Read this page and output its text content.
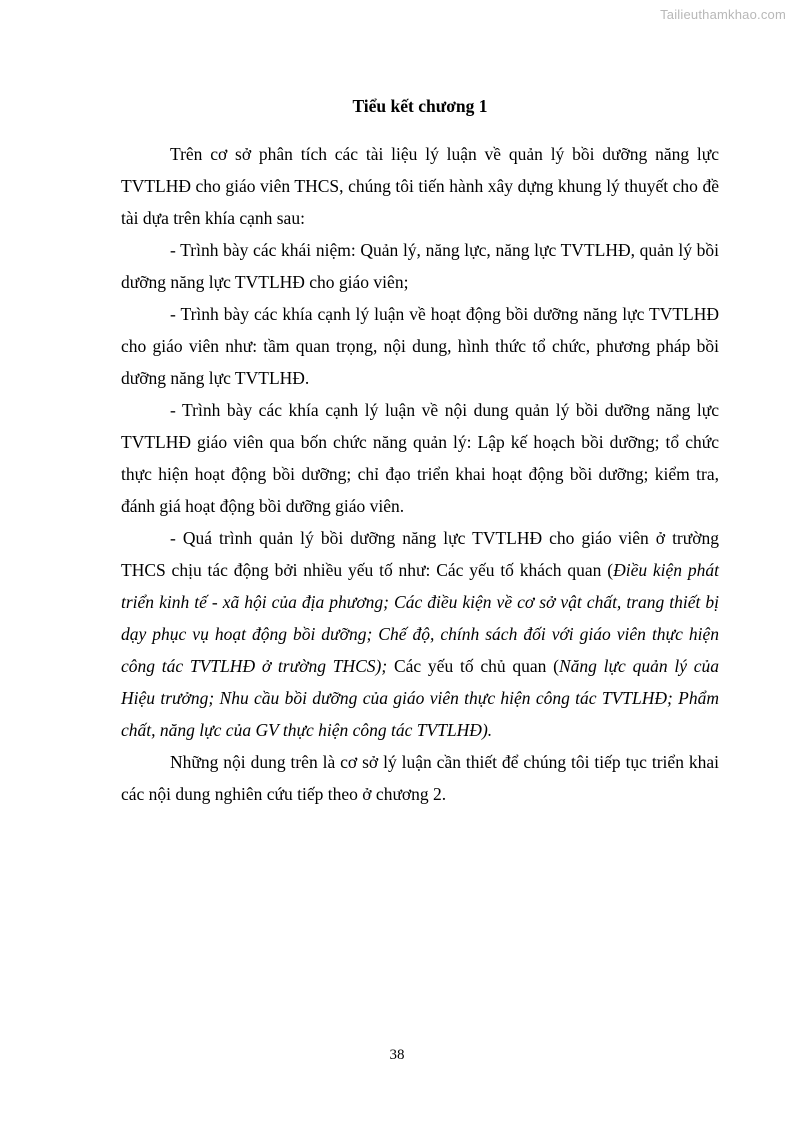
Tailieuthamkhao.com
Tiểu kết chương 1

Trên cơ sở phân tích các tài liệu lý luận về quản lý bồi dưỡng năng lực TVTLHĐ cho giáo viên THCS, chúng tôi tiến hành xây dựng khung lý thuyết cho đề tài dựa trên khía cạnh sau:

- Trình bày các khái niệm: Quản lý, năng lực, năng lực TVTLHĐ, quản lý bồi dưỡng năng lực TVTLHĐ cho giáo viên;

- Trình bày các khía cạnh lý luận về hoạt động bồi dưỡng năng lực TVTLHĐ cho giáo viên như: tầm quan trọng, nội dung, hình thức tổ chức, phương pháp bồi dưỡng năng lực TVTLHĐ.

- Trình bày các khía cạnh lý luận về nội dung quản lý bồi dưỡng năng lực TVTLHĐ giáo viên qua bốn chức năng quản lý: Lập kế hoạch bồi dưỡng; tổ chức thực hiện hoạt động bồi dưỡng; chỉ đạo triển khai hoạt động bồi dưỡng; kiểm tra, đánh giá hoạt động bồi dưỡng giáo viên.

- Quá trình quản lý bồi dưỡng năng lực TVTLHĐ cho giáo viên ở trường THCS chịu tác động bởi nhiều yếu tố như: Các yếu tố khách quan (Điều kiện phát triển kinh tế - xã hội của địa phương; Các điều kiện về cơ sở vật chất, trang thiết bị dạy phục vụ hoạt động bồi dưỡng; Chế độ, chính sách đối với giáo viên thực hiện công tác TVTLHĐ ở trường THCS); Các yếu tố chủ quan (Năng lực quản lý của Hiệu trưởng; Nhu cầu bồi dưỡng của giáo viên thực hiện công tác TVTLHĐ; Phẩm chất, năng lực của GV thực hiện công tác TVTLHĐ).

Những nội dung trên là cơ sở lý luận cần thiết để chúng tôi tiếp tục triển khai các nội dung nghiên cứu tiếp theo ở chương 2.

38
